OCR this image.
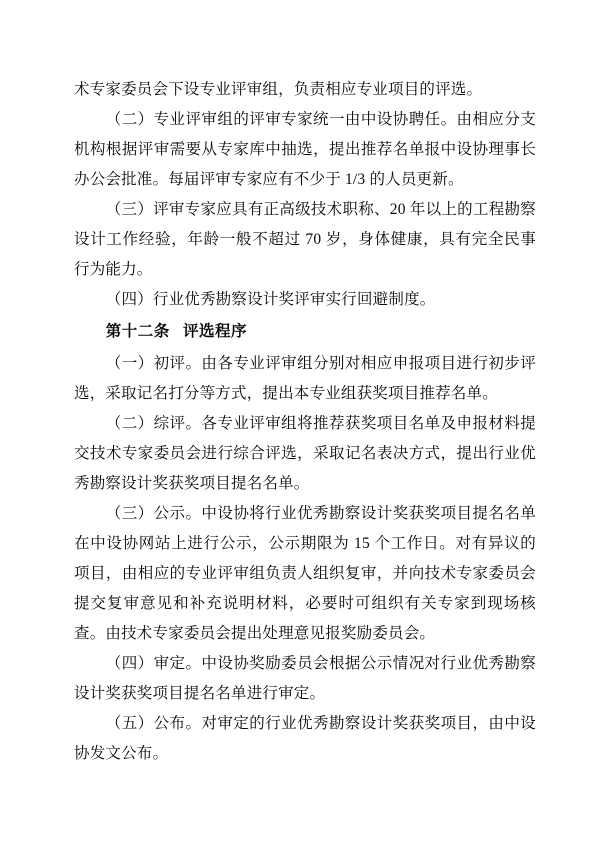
术专家委员会下设专业评审组，负责相应专业项目的评选。

（二）专业评审组的评审专家统一由中设协聘任。由相应分支机构根据评审需要从专家库中抽选，提出推荐名单报中设协理事长办公会批准。每届评审专家应有不少于 1/3 的人员更新。

（三）评审专家应具有正高级技术职称、20 年以上的工程勘察设计工作经验，年龄一般不超过 70 岁，身体健康，具有完全民事行为能力。

（四）行业优秀勘察设计奖评审实行回避制度。

第十二条 评选程序

（一）初评。由各专业评审组分别对相应申报项目进行初步评选，采取记名打分等方式，提出本专业组获奖项目推荐名单。

（二）综评。各专业评审组将推荐获奖项目名单及申报材料提交技术专家委员会进行综合评选，采取记名表决方式，提出行业优秀勘察设计奖获奖项目提名名单。

（三）公示。中设协将行业优秀勘察设计奖获奖项目提名名单在中设协网站上进行公示，公示期限为 15 个工作日。对有异议的项目，由相应的专业评审组负责人组织复审，并向技术专家委员会提交复审意见和补充说明材料，必要时可组织有关专家到现场核查。由技术专家委员会提出处理意见报奖励委员会。

（四）审定。中设协奖励委员会根据公示情况对行业优秀勘察设计奖获奖项目提名名单进行审定。

（五）公布。对审定的行业优秀勘察设计奖获奖项目，由中设协发文公布。
